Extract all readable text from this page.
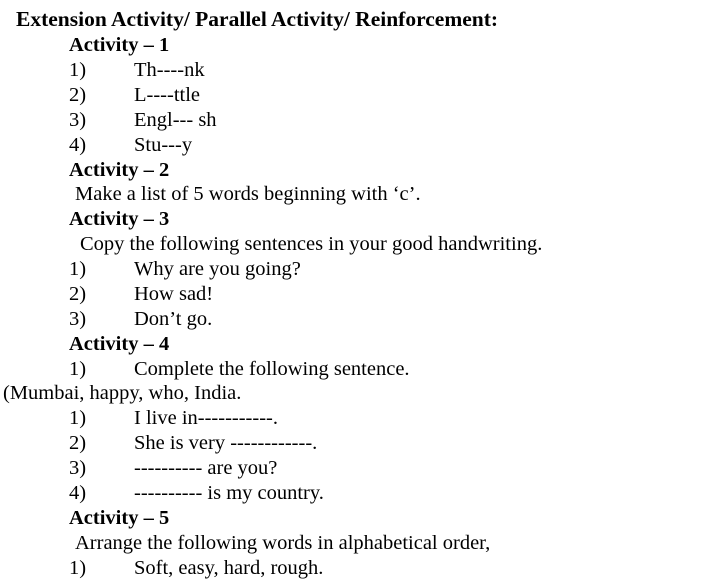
Extension Activity/ Parallel Activity/ Reinforcement:
Activity – 1
1) Th----nk
2) L----ttle
3) Engl--- sh
4) Stu---y
Activity – 2
Make a list of 5 words beginning with ‘c’.
Activity – 3
Copy the following sentences in your good handwriting.
1) Why are you going?
2) How sad!
3) Don’t go.
Activity – 4
1) Complete the following sentence.
(Mumbai, happy, who, India.
1) I live in-----------.
2) She is very ------------.
3) ---------- are you?
4) ---------- is my country.
Activity – 5
Arrange the following words in alphabetical order,
1) Soft, easy, hard, rough.
